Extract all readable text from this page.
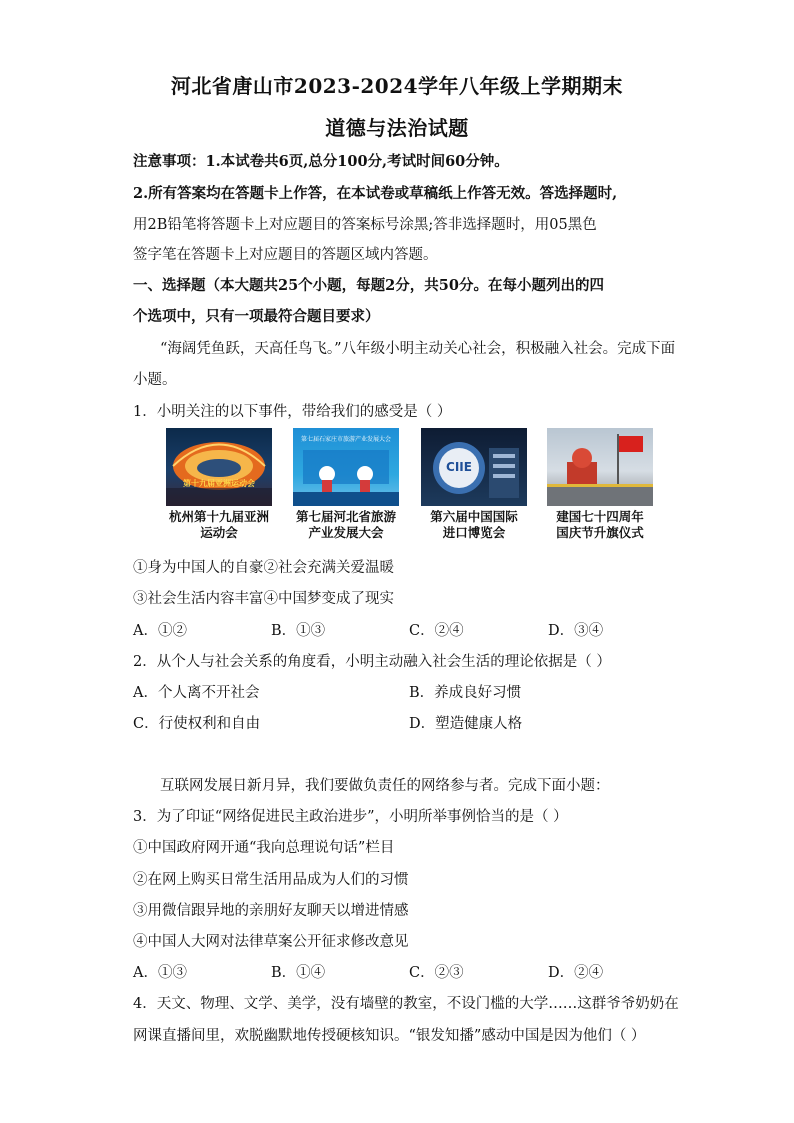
河北省唐山市2023-2024学年八年级上学期期末
道德与法治试题
注意事项：1.本试卷共6页,总分100分,考试时间60分钟。
2.所有答案均在答题卡上作答，在本试卷或草稿纸上作答无效。答选择题时,
用2B铅笔将答题卡上对应题目的答案标号涂黑;答非选择题时，用05黑色
签字笔在答题卡上对应题目的答题区域内答题。
一、选择题（本大题共25个小题，每题2分，共50分。在每小题列出的四
个选项中，只有一项最符合题目要求）
“海阔凭鱼跃，天高任鸟飞。”八年级小明主动关心社会，积极融入社会。完成下面
小题。
1．小明关注的以下事件，带给我们的感受是（ ）
第十九届亚洲运动会
杭州第十九届亚洲
运动会
第七届石家庄市旅游产业发展大会
第七届河北省旅游
产业发展大会
CIIE
第六届中国国际
进口博览会
建国七十四周年
国庆节升旗仪式
①身为中国人的自豪②社会充满关爱温暖
③社会生活内容丰富④中国梦变成了现实
A．①②	B．①③	C．②④	D．③④
2．从个人与社会关系的角度看，小明主动融入社会生活的理论依据是（ ）
A．个人离不开社会	B．养成良好习惯
C．行使权利和自由	D．塑造健康人格
互联网发展日新月异，我们要做负责任的网络参与者。完成下面小题：
3．为了印证“网络促进民主政治进步”，小明所举事例恰当的是（ ）
①中国政府网开通“我向总理说句话”栏目
②在网上购买日常生活用品成为人们的习惯
③用微信跟异地的亲朋好友聊天以增进情感
④中国人大网对法律草案公开征求修改意见
A．①③	B．①④	C．②③	D．②④
4．天文、物理、文学、美学，没有墙壁的教室，不设门槛的大学……这群爷爷奶奶在
网课直播间里，欢脱幽默地传授硬核知识。“银发知播”感动中国是因为他们（ ）
